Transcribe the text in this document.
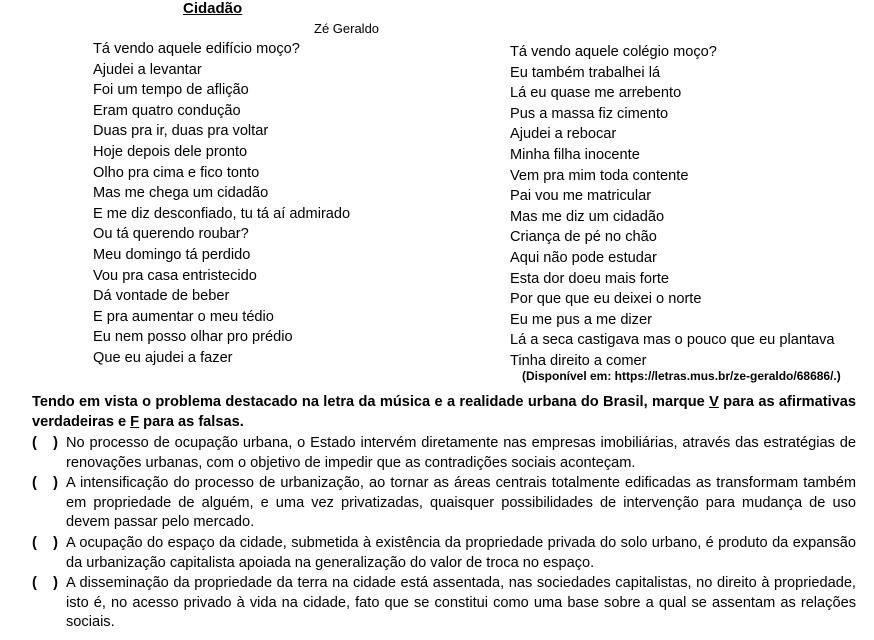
Cidadão
Zé Geraldo
Tá vendo aquele edifício moço?
Ajudei a levantar
Foi um tempo de aflição
Eram quatro condução
Duas pra ir, duas pra voltar
Hoje depois dele pronto
Olho pra cima e fico tonto
Mas me chega um cidadão
E me diz desconfiado, tu tá aí admirado
Ou tá querendo roubar?
Meu domingo tá perdido
Vou pra casa entristecido
Dá vontade de beber
E pra aumentar o meu tédio
Eu nem posso olhar pro prédio
Que eu ajudei a fazer
Tá vendo aquele colégio moço?
Eu também trabalhei lá
Lá eu quase me arrebento
Pus a massa fiz cimento
Ajudei a rebocar
Minha filha inocente
Vem pra mim toda contente
Pai vou me matricular
Mas me diz um cidadão
Criança de pé no chão
Aqui não pode estudar
Esta dor doeu mais forte
Por que que eu deixei o norte
Eu me pus a me dizer
Lá a seca castigava mas o pouco que eu plantava
Tinha direito a comer
(Disponível em: https://letras.mus.br/ze-geraldo/68686/.)

Tendo em vista o problema destacado na letra da música e a realidade urbana do Brasil, marque V para as afirmativas verdadeiras e F para as falsas.

(    ) No processo de ocupação urbana, o Estado intervém diretamente nas empresas imobiliárias, através das estratégias de renovações urbanas, com o objetivo de impedir que as contradições sociais aconteçam.
(    ) A intensificação do processo de urbanização, ao tornar as áreas centrais totalmente edificadas as transformam também em propriedade de alguém, e uma vez privatizadas, quaisquer possibilidades de intervenção para mudança de uso devem passar pelo mercado.
(    ) A ocupação do espaço da cidade, submetida à existência da propriedade privada do solo urbano, é produto da expansão da urbanização capitalista apoiada na generalização do valor de troca no espaço.
(    ) A disseminação da propriedade da terra na cidade está assentada, nas sociedades capitalistas, no direito à propriedade, isto é, no acesso privado à vida na cidade, fato que se constitui como uma base sobre a qual se assentam as relações sociais.
